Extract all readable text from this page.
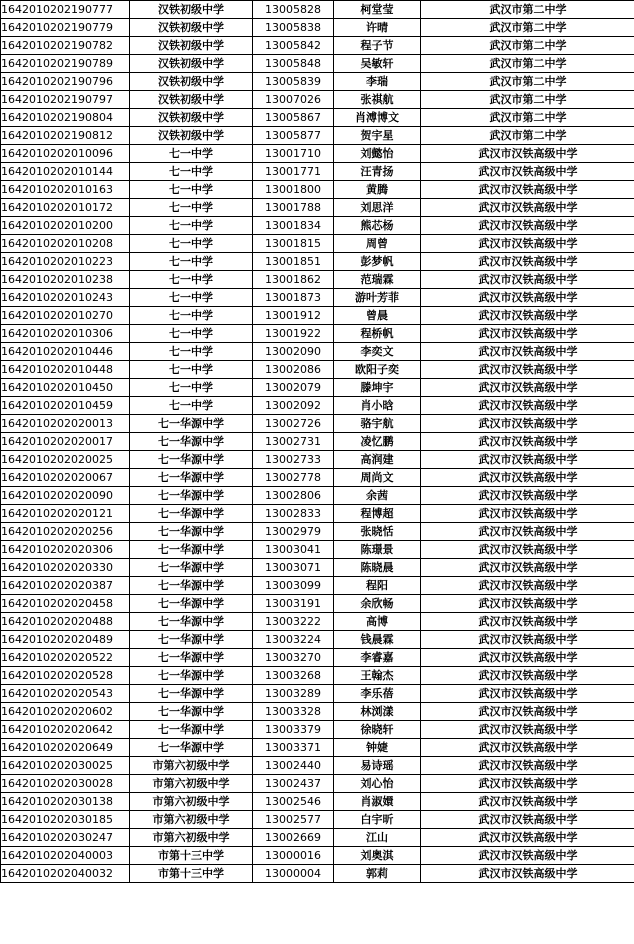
1642010202190777	汉铁初级中学	13005828	柯堂莹	武汉市第二中学
1642010202190779	汉铁初级中学	13005838	许晴	武汉市第二中学
1642010202190782	汉铁初级中学	13005842	程子节	武汉市第二中学
1642010202190789	汉铁初级中学	13005848	吴敏轩	武汉市第二中学
1642010202190796	汉铁初级中学	13005839	李瑞	武汉市第二中学
1642010202190797	汉铁初级中学	13007026	张祺航	武汉市第二中学
1642010202190804	汉铁初级中学	13005867	肖溥博文	武汉市第二中学
1642010202190812	汉铁初级中学	13005877	贺宇星	武汉市第二中学
1642010202010096	七一中学	13001710	刘懿怡	武汉市汉铁高级中学
1642010202010144	七一中学	13001771	汪青扬	武汉市汉铁高级中学
1642010202010163	七一中学	13001800	黄腾	武汉市汉铁高级中学
1642010202010172	七一中学	13001788	刘思洋	武汉市汉铁高级中学
1642010202010200	七一中学	13001834	熊芯杨	武汉市汉铁高级中学
1642010202010208	七一中学	13001815	周曾	武汉市汉铁高级中学
1642010202010223	七一中学	13001851	彭梦帆	武汉市汉铁高级中学
1642010202010238	七一中学	13001862	范瑞霖	武汉市汉铁高级中学
1642010202010243	七一中学	13001873	游叶芳菲	武汉市汉铁高级中学
1642010202010270	七一中学	13001912	曾晨	武汉市汉铁高级中学
1642010202010306	七一中学	13001922	程桥帆	武汉市汉铁高级中学
1642010202010446	七一中学	13002090	李奕文	武汉市汉铁高级中学
1642010202010448	七一中学	13002086	欧阳子奕	武汉市汉铁高级中学
1642010202010450	七一中学	13002079	滕坤宇	武汉市汉铁高级中学
1642010202010459	七一中学	13002092	肖小晗	武汉市汉铁高级中学
1642010202020013	七一华源中学	13002726	骆宇航	武汉市汉铁高级中学
1642010202020017	七一华源中学	13002731	凌忆鹏	武汉市汉铁高级中学
1642010202020025	七一华源中学	13002733	高润建	武汉市汉铁高级中学
1642010202020067	七一华源中学	13002778	周尚文	武汉市汉铁高级中学
1642010202020090	七一华源中学	13002806	余茜	武汉市汉铁高级中学
1642010202020121	七一华源中学	13002833	程博超	武汉市汉铁高级中学
1642010202020256	七一华源中学	13002979	张晓恬	武汉市汉铁高级中学
1642010202020306	七一华源中学	13003041	陈璟景	武汉市汉铁高级中学
1642010202020330	七一华源中学	13003071	陈晓晨	武汉市汉铁高级中学
1642010202020387	七一华源中学	13003099	程阳	武汉市汉铁高级中学
1642010202020458	七一华源中学	13003191	余欣畅	武汉市汉铁高级中学
1642010202020488	七一华源中学	13003222	高博	武汉市汉铁高级中学
1642010202020489	七一华源中学	13003224	钱晨霖	武汉市汉铁高级中学
1642010202020522	七一华源中学	13003270	李睿嘉	武汉市汉铁高级中学
1642010202020528	七一华源中学	13003268	王翰杰	武汉市汉铁高级中学
1642010202020543	七一华源中学	13003289	李乐蓓	武汉市汉铁高级中学
1642010202020602	七一华源中学	13003328	林浏漾	武汉市汉铁高级中学
1642010202020642	七一华源中学	13003379	徐晓轩	武汉市汉铁高级中学
1642010202020649	七一华源中学	13003371	钟婕	武汉市汉铁高级中学
1642010202030025	市第六初级中学	13002440	易诗瑶	武汉市汉铁高级中学
1642010202030028	市第六初级中学	13002437	刘心怡	武汉市汉铁高级中学
1642010202030138	市第六初级中学	13002546	肖淑嬛	武汉市汉铁高级中学
1642010202030185	市第六初级中学	13002577	白宇昕	武汉市汉铁高级中学
1642010202030247	市第六初级中学	13002669	江山	武汉市汉铁高级中学
1642010202040003	市第十三中学	13000016	刘奥淇	武汉市汉铁高级中学
1642010202040032	市第十三中学	13000004	郭莉	武汉市汉铁高级中学
